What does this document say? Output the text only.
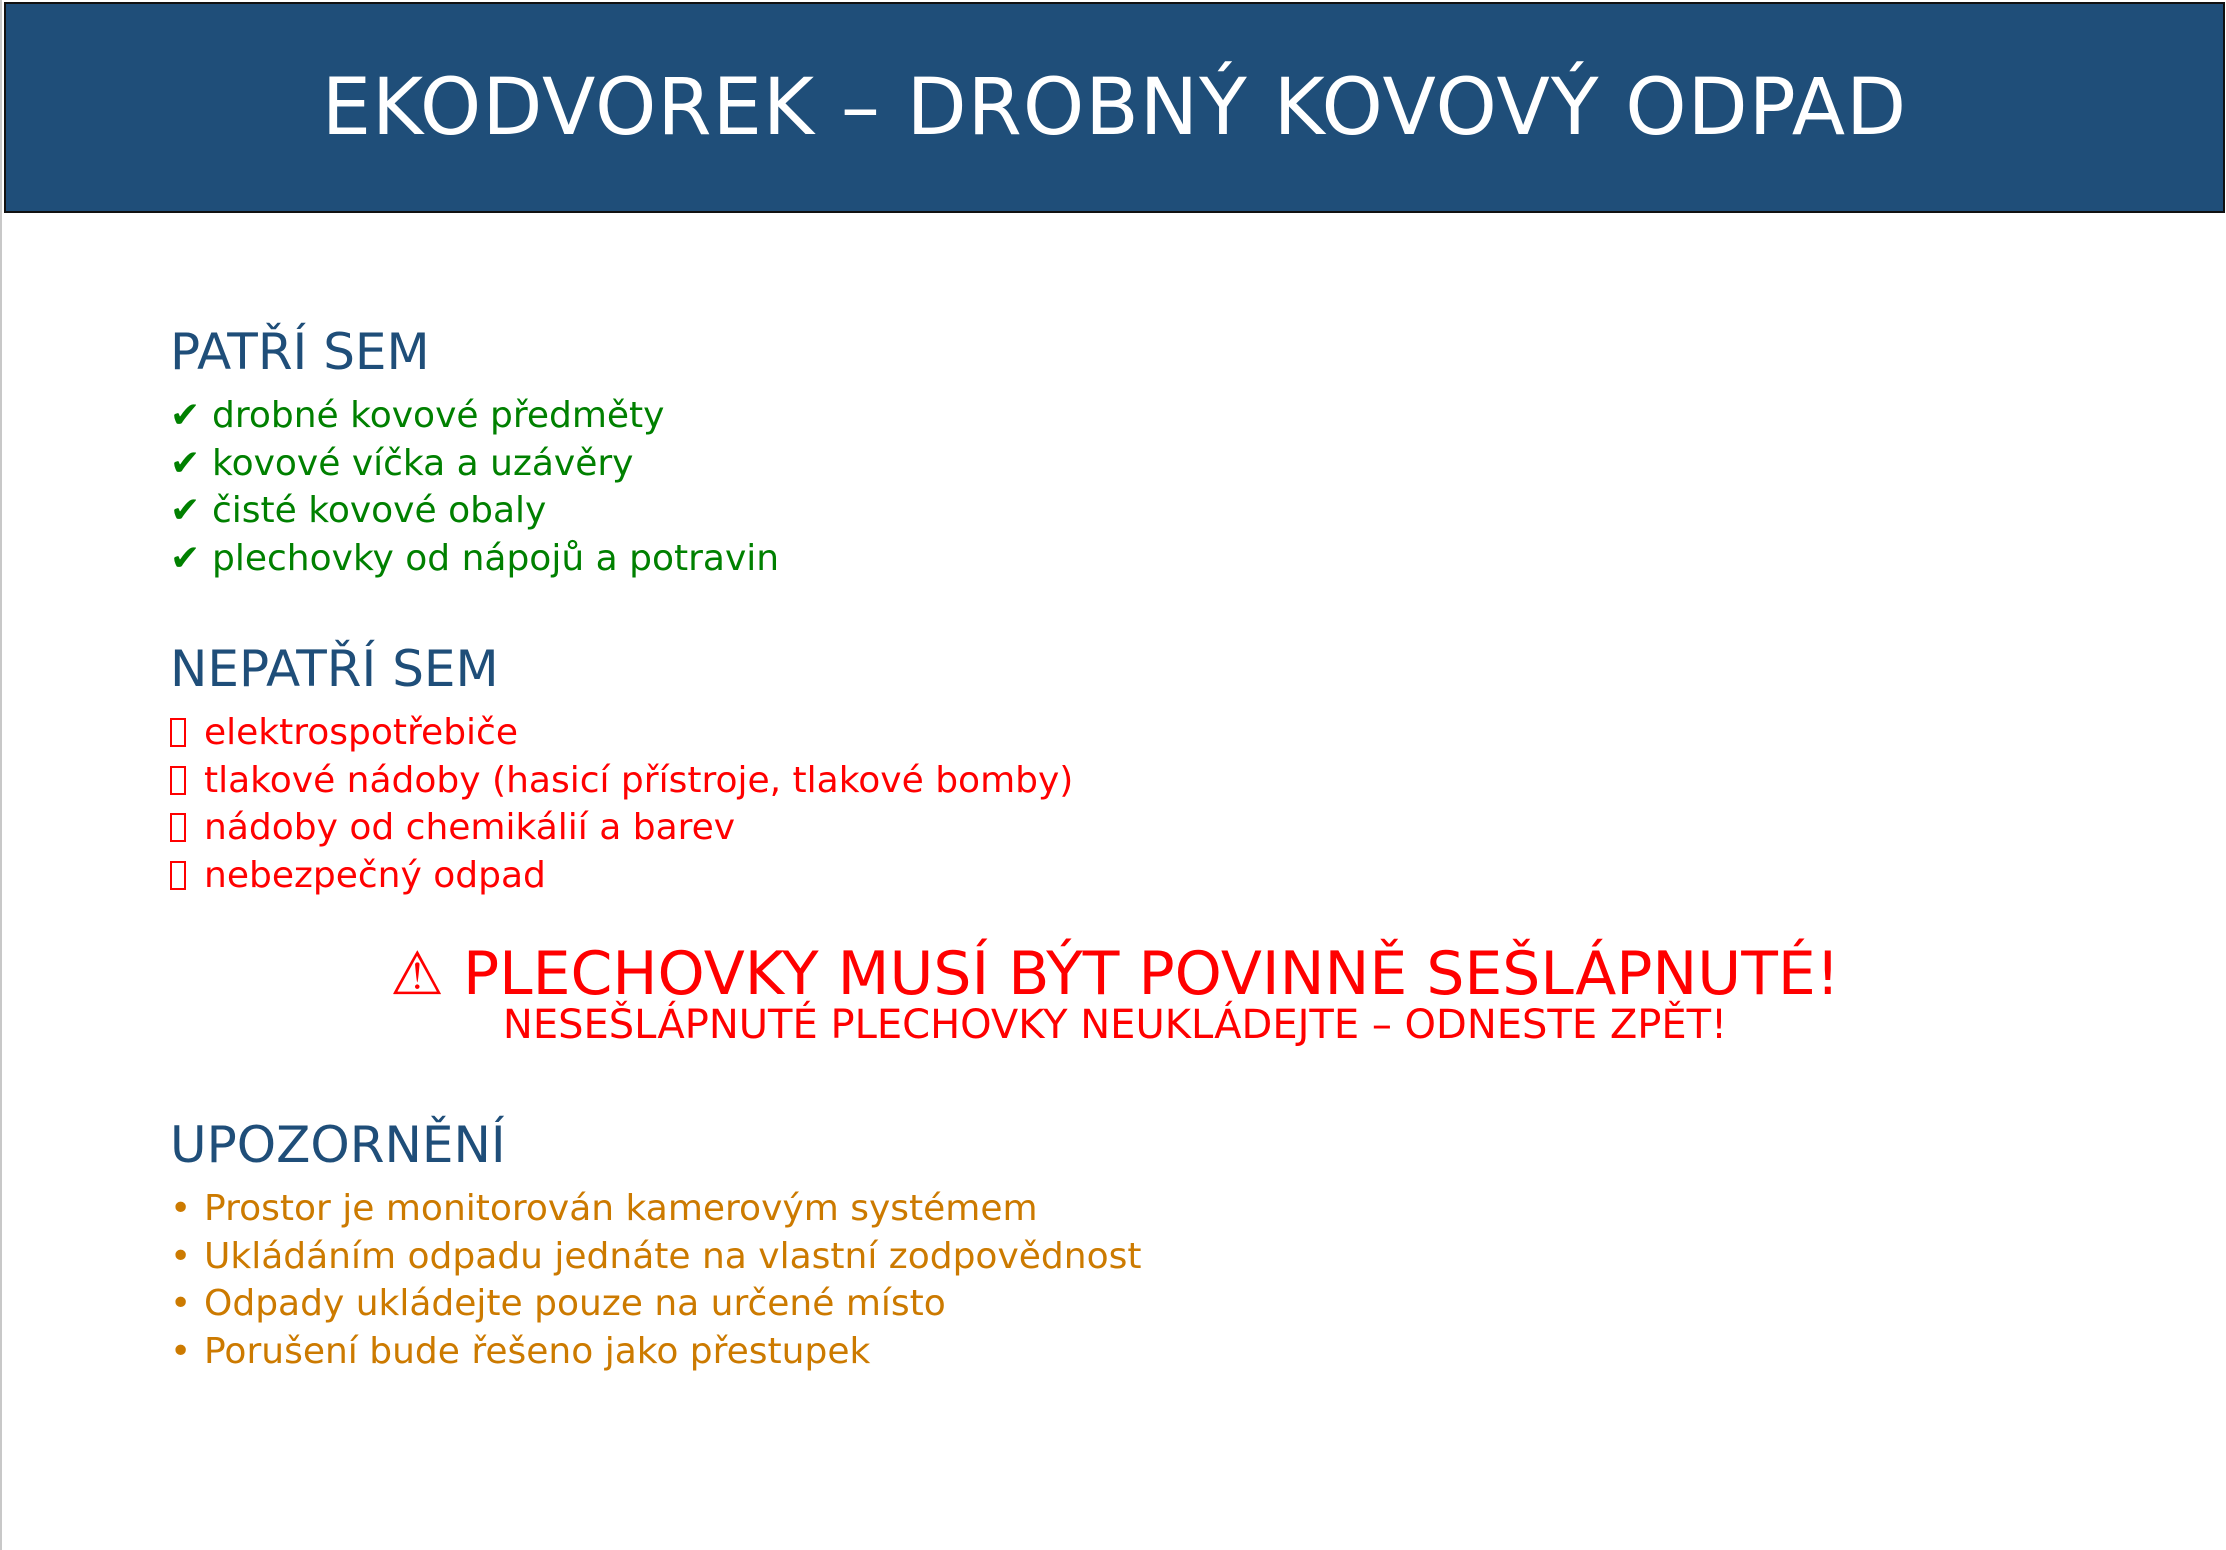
EKODVOREK – DROBNÝ KOVOVÝ ODPAD
PATŘÍ SEM
✔ drobné kovové předměty
✔ kovové víčka a uzávěry
✔ čisté kovové obaly
✔ plechovky od nápojů a potravin
NEPATŘÍ SEM
elektrospotřebiče
tlakové nádoby (hasicí přístroje, tlakové bomby)
nádoby od chemikálií a barev
nebezpečný odpad
⚠ PLECHOVKY MUSÍ BÝT POVINNĚ SEŠLÁPNUTÉ!
NESEŠLÁPNUTÉ PLECHOVKY NEUKLÁDEJTE – ODNESTE ZPĚT!
UPOZORNĚNÍ
• Prostor je monitorován kamerovým systémem
• Ukládáním odpadu jednáte na vlastní zodpovědnost
• Odpady ukládejte pouze na určené místo
• Porušení bude řešeno jako přestupek
